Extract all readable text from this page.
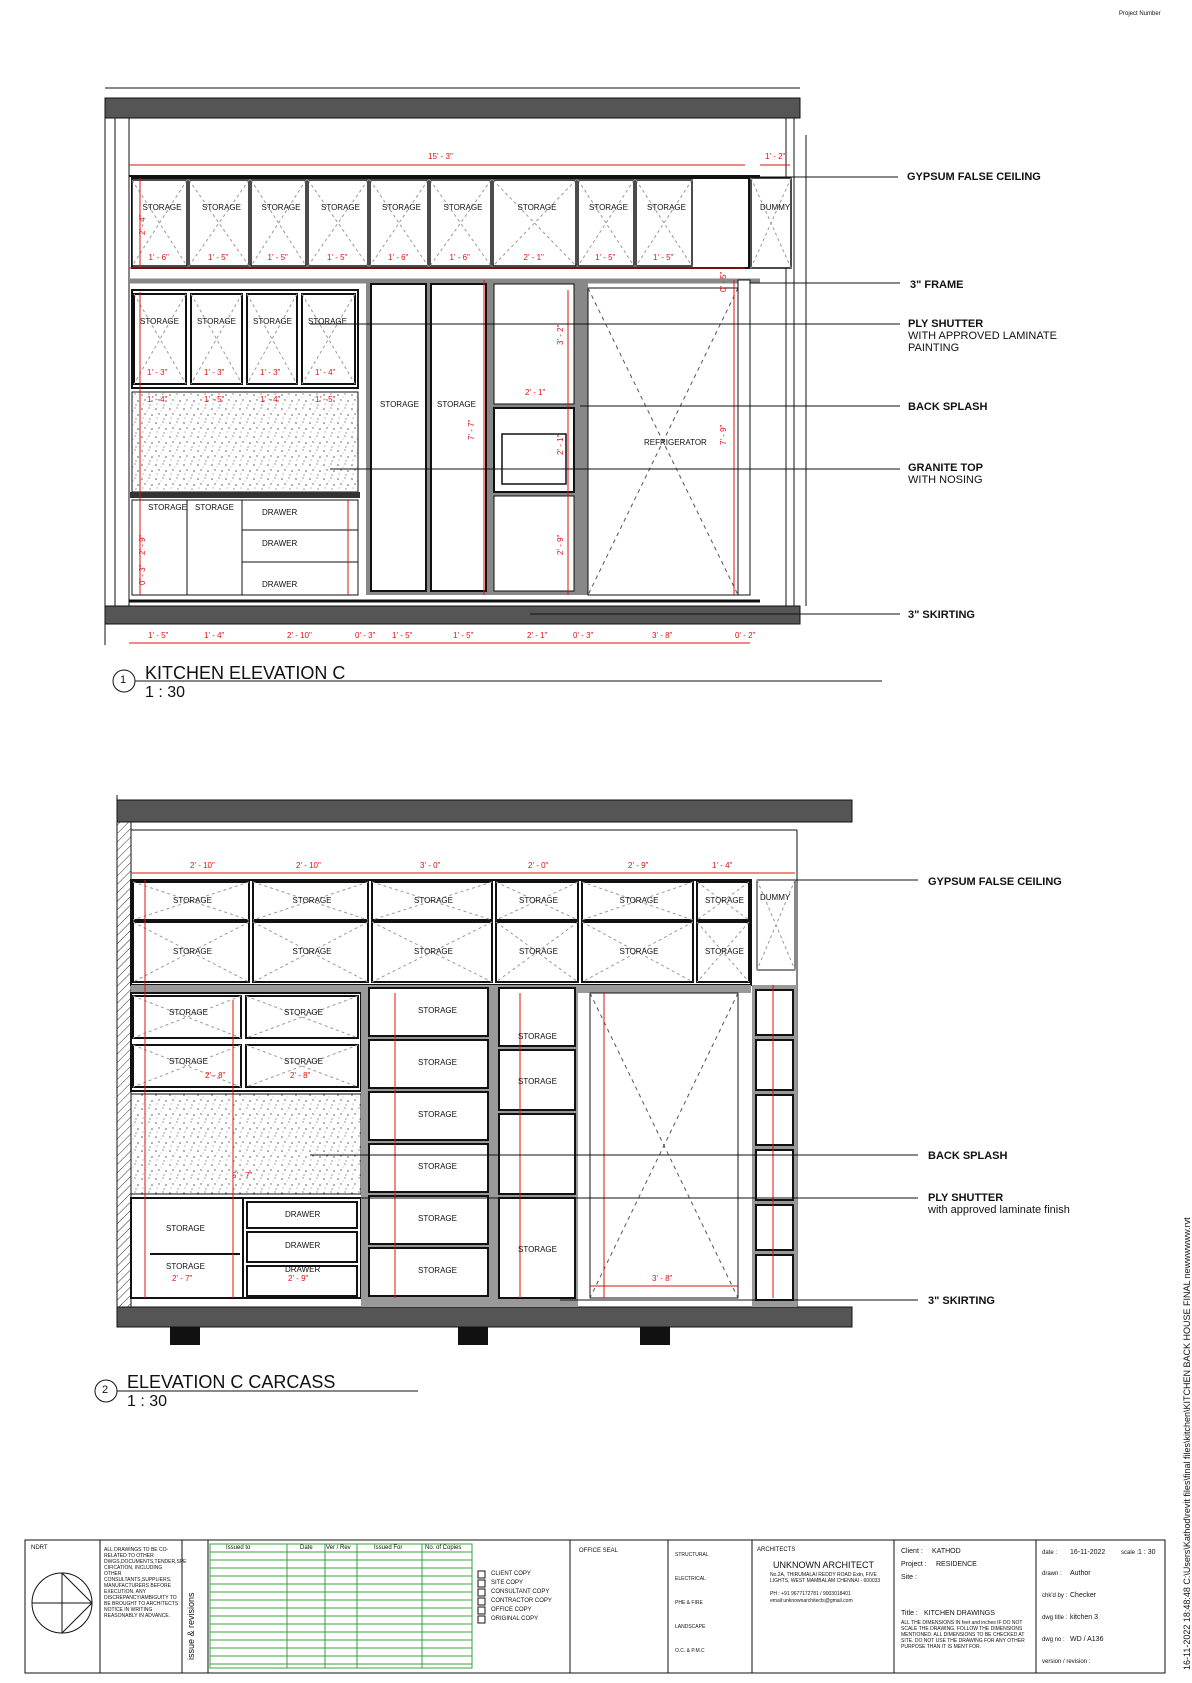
Project Number
15' - 3"	1' - 2"
STORAGE
1' - 6"
STORAGE
1' - 5"
STORAGE
1' - 5"
STORAGE
1' - 5"
STORAGE
1' - 6"
STORAGE
1' - 6"
STORAGE
2' - 1"
STORAGE
1' - 5"
STORAGE
1' - 5"
DUMMY
STORAGE
1' - 3"
1' - 4"
STORAGE
1' - 3"
1' - 5"
STORAGE
1' - 3"
1' - 4"
STORAGE
1' - 4"
1' - 5"
STORAGE STORAGE
2' - 1"
REFRIGERATOR
STORAGE STORAGE
DRAWER
DRAWER
DRAWER
1' - 5"	1' - 4"	2' - 10"	0' - 3" 1' - 5"	1' - 5"	2' - 1"	0' - 3"	3' - 8"	0' - 2"
2' - 4"
0' - 3"
2' - 9"
7' - 7"
3' - 2"
2' - 1"
2' - 9"
7' - 9"
0' - 5"
GYPSUM FALSE CEILING
3" FRAME
PLY SHUTTER
WITH APPROVED LAMINATE PAINTING
BACK SPLASH
GRANITE TOP
WITH NOSING
3" SKIRTING
1 KITCHEN ELEVATION C
1 : 30
2' - 10"	2' - 10"	3' - 0"	2' - 0"	2' - 9"	1' - 4"
STORAGE	STORAGE	STORAGE	STORAGE	STORAGE	STORAGE
STORAGE	STORAGE	STORAGE	STORAGE	STORAGE	STORAGE
STORAGE	STORAGE
STORAGE	STORAGE
STORAGE
STORAGE
STORAGE
STORAGE
STORAGE
STORAGE
2' - 8"	2' - 8"
5' - 7"
STORAGE
STORAGE
STORAGE
STORAGE
STORAGE
2' - 7"	2' - 9"
DRAWER
DRAWER
DRAWER
3' - 8"
DUMMY
GYPSUM FALSE CEILING
BACK SPLASH
PLY SHUTTER
with approved laminate finish
3" SKIRTING
2 ELEVATION C CARCASS
1 : 30
NDRT	ALL DRAWINGS TO BE CO-RELATED TO OTHER DWGS,DOCUMENTS,TENDER,SPE CIFICATION, INCLUDING OTHER CONSULTANTS,SUPPLIERS, MANUFACTURERS BEFORE EXECUTION. ANY DISCREPANCY/AMBIGUITY TO BE BROUGHT TO ARCHITECTS NOTICE IN WRITING REASONABLY IN ADVANCE.	issue & revisions
Issued to	Date Ver / Rev	Issued For	No. of Copies
CLIENT COPY
SITE COPY
CONSULTANT COPY
CONTRACTOR COPY
OFFICE COPY
ORIGINAL COPY
OFFICE SEAL
STRUCTURAL
ELECTRICAL
PHE & FIRE
LANDSCAPE
O.C. & P.M.C
ARCHITECTS
UNKNOWN ARCHITECT
No.2A, THIRUMALAI REDDY ROAD Extn, FIVE LIGHTS, WEST MAMBALAM CHENNAI - 600033
PH : +91 9677172781 / 9003018401
email:unknownarchitects@gmail.com
Client : KATHOD
Project : RESIDENCE
Site :
Title : KITCHEN DRAWINGS
ALL THE DIMENSIONS IN feet and inches IF DO NOT SCALE THE DRAWING. FOLLOW THE DIMENSIONS MENTIONED. ALL DIMENSIONS TO BE CHECKED AT SITE. DO NOT USE THE DRAWING FOR ANY OTHER PURPOSE THAN IT IS MENT FOR.
date : 16-11-2022	scale : 1 : 30
drawn : Author
chk'd by : Checker
dwg title : kitchen 3
dwg no : WD / A136
version / revision :	16-11-2022 18:48:48 C:\Users\Kathod\revit files\final files\kitchen\KITCHEN BACK HOUSE FINAL newwwwww.rvt
